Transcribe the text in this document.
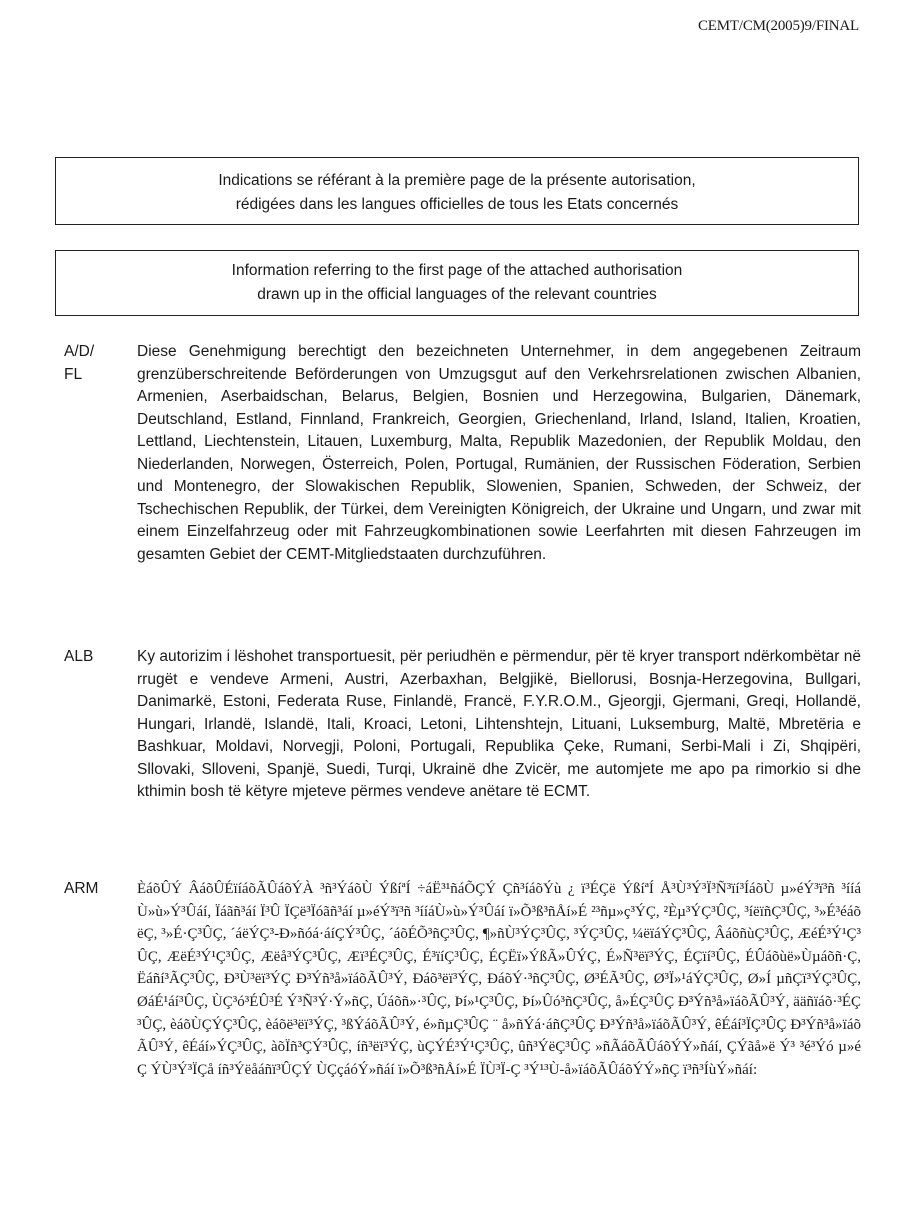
CEMT/CM(2005)9/FINAL
Indications se référant à la première page de la présente autorisation,
rédigées dans les langues officielles de tous les Etats concernés
Information referring to the first page of the attached authorisation
drawn up in the official languages of the relevant countries
A/D/
FL

Diese Genehmigung berechtigt den bezeichneten Unternehmer, in dem angegebenen Zeitraum grenzüberschreitende Beförderungen von Umzugsgut auf den Verkehrsrelationen zwischen Albanien, Armenien, Aserbaidschan, Belarus, Belgien, Bosnien und Herzegowina, Bulgarien, Dänemark, Deutschland, Estland, Finnland, Frankreich, Georgien, Griechenland, Irland, Island, Italien, Kroatien, Lettland, Liechtenstein, Litauen, Luxemburg, Malta, Republik Mazedonien, der Republik Moldau, den Niederlanden, Norwegen, Österreich, Polen, Portugal, Rumänien, der Russischen Föderation, Serbien und Montenegro, der Slowakischen Republik, Slowenien, Spanien, Schweden, der Schweiz, der Tschechischen Republik, der Türkei, dem Vereinigten Königreich, der Ukraine und Ungarn, und zwar mit einem Einzelfahrzeug oder mit Fahrzeugkombinationen sowie Leerfahrten mit diesen Fahrzeugen im gesamten Gebiet der CEMT-Mitgliedstaaten durchzuführen.

ALB	Ky autorizim i lëshohet transportuesit, për periudhën e përmendur, për të kryer transport ndërkombëtar në rrugët e vendeve Armeni, Austri, Azerbaxhan, Belgjikë, Biellorusi, Bosnja-Herzegovina, Bullgari, Danimarkë, Estoni, Federata Ruse, Finlandë, Francë, F.Y.R.O.M., Gjeorgji, Gjermani, Greqi, Hollandë, Hungari, Irlandë, Islandë, Itali, Kroaci, Letoni, Lihtenshtejn, Lituani, Luksemburg, Maltë, Mbretëria e Bashkuar, Moldavi, Norvegji, Poloni, Portugali, Republika Çeke, Rumani, Serbi-Mali i Zi, Shqipëri, Sllovaki, Slloveni, Spanjë, Suedi, Turqi, Ukrainë dhe Zvicër, me automjete me apo pa rimorkio si dhe kthimin bosh të këtyre mjeteve përmes vendeve anëtare të ECMT.

ARM	ÈáõÛÝ ÂáõÛÉïíáõÃÛáõÝÀ ³ñ³ÝáõÙ ÝßíªÍ ÷áË³¹ñáÕÇÝ Çñ³íáõÝù ¿ ï³ÉÇë ÝßíªÍ Å³Ù³Ý³Ï³Ñ³ïí³ÍáõÙ µ»éÝ³ï³ñ ³ííáÙ»ù»Ý³Ûáí, Ïáãñ³áí Ï³Û ÏÇë³Ïóãñ³áí µ»éÝ³ï³ñ ³ííáÙ»ù»Ý³Ûáí ï»Õ³ß³ñÅí»É ²³ñµ»ç³ÝÇ, ²Èµ³ÝÇ³ÛÇ, ³íëïñÇ³ÛÇ, ³»É³éáõëÇ, ³»É·Ç³ÛÇ, ´áëÝÇ³-Ð»ñóá·áíÇÝ³ÛÇ, ´áõÉÕ³ñÇ³ÛÇ, ¶»ñÙ³ÝÇ³ÛÇ, ³ÝÇ³ÛÇ, ¼ëïáÝÇ³ÛÇ, ÂáõñùÇ³ÛÇ, ÆéÉ³Ý¹Ç³ÛÇ, ÆëÉ³Ý¹Ç³ÛÇ, Æëå³ÝÇ³ÛÇ, Æï³ÉÇ³ÛÇ, É³ïíÇ³ÛÇ, ÉÇËï»ÝßÃ»ÛÝÇ, É»Ñ³ëï³ÝÇ, ÉÇïí³ÛÇ, ÉÛáõùë»Ùµáõñ·Ç, Ëáñí³ÃÇ³ÛÇ, Ð³Ù³ëï³ÝÇ Ð³Ýñ³å»ïáõÃÛ³Ý, Ðáõ³ëï³ÝÇ, ÐáõÝ·³ñÇ³ÛÇ, Ø³ÉÃ³ÛÇ, Ø³Ï»¹áÝÇ³ÛÇ, Ø»Í µñÇï³ÝÇ³ÛÇ, ØáÉ¹áí³ÛÇ, ÙÇ³ó³ÉÛ³É Ý³Ñ³Ý·Ý»ñÇ, Úáõñ»·³ÛÇ, Þí»¹Ç³ÛÇ, Þí»Ûó³ñÇ³ÛÇ, å»ÉÇ³ÛÇ Ð³Ýñ³å»ïáõÃÛ³Ý, ääñïáõ·³ÉÇ³ÛÇ, èáõÙÇÝÇ³ÛÇ, èáõë³ëï³ÝÇ, ³ßÝáõÃÛ³Ý, é»ñµÇ³ÛÇ ¨ å»ñÝá·áñÇ³ÛÇ Ð³Ýñ³å»ïáõÃÛ³Ý, êÉáí³ÏÇ³ÛÇ Ð³Ýñ³å»ïáõÃÛ³Ý, êÉáí»ÝÇ³ÛÇ, àõÏñ³ÇÝ³ÛÇ, íñ³ëï³ÝÇ, ùÇÝÉ³Ý¹Ç³ÛÇ, ûñ³ÝëÇ³ÛÇ »ñÃáõÃÛáõÝÝ»ñáí, ÇÝãå»ë Ý³ ³é³Ýó µ»éÇ ÝÙ³Ý³ÏÇå íñ³Ýëåáñï³ÛÇÝ ÙÇçáóÝ»ñáí ï»Õ³ß³ñÅí»É ÏÙ³Ï-Ç ³Ý¹³Ù-å»ïáõÃÛáõÝÝ»ñÇ ï³ñ³ÍùÝ»ñáí:
